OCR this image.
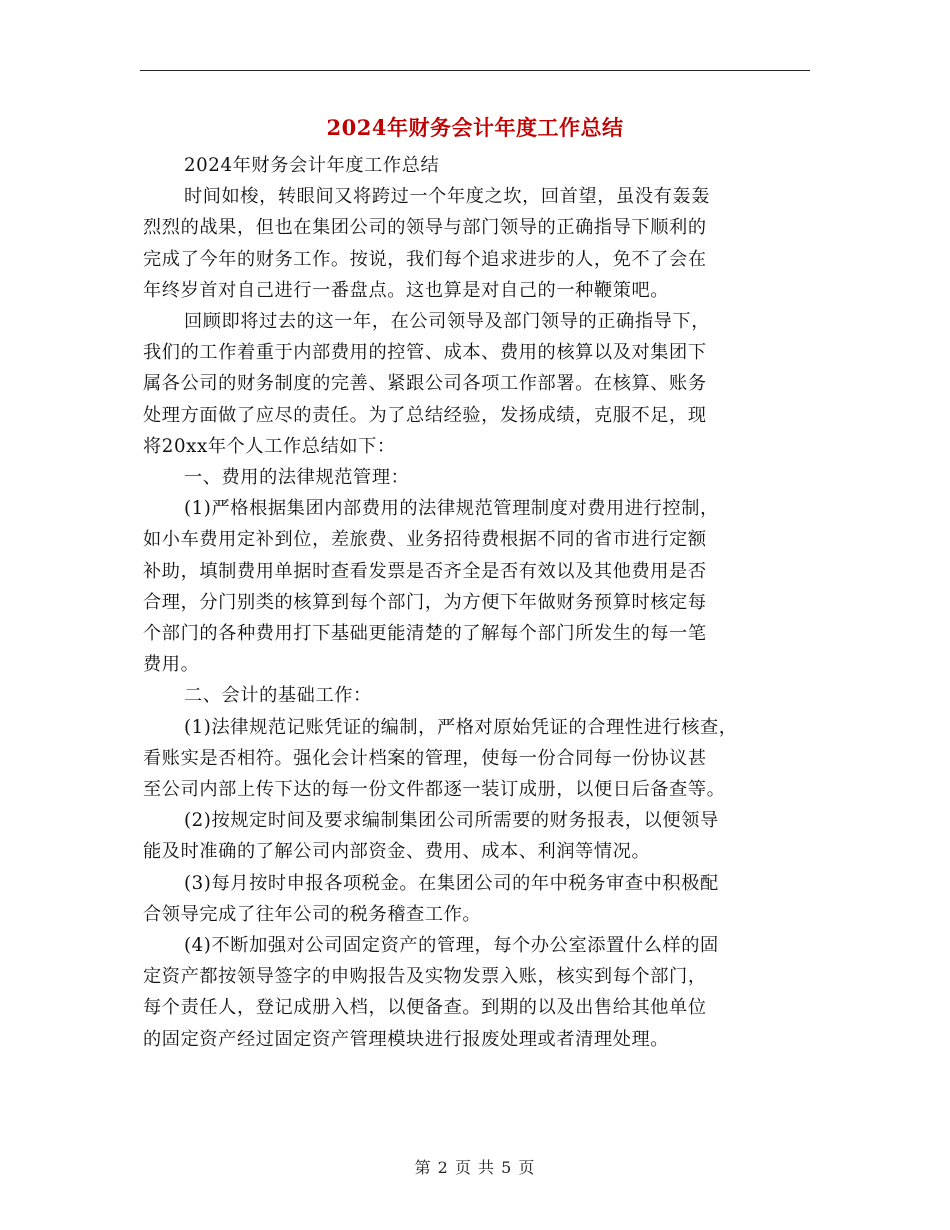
2024年财务会计年度工作总结

2024年财务会计年度工作总结

时间如梭，转眼间又将跨过一个年度之坎，回首望，虽没有轰轰
烈烈的战果，但也在集团公司的领导与部门领导的正确指导下顺利的
完成了今年的财务工作。按说，我们每个追求进步的人，免不了会在
年终岁首对自己进行一番盘点。这也算是对自己的一种鞭策吧。

回顾即将过去的这一年，在公司领导及部门领导的正确指导下，
我们的工作着重于内部费用的控管、成本、费用的核算以及对集团下
属各公司的财务制度的完善、紧跟公司各项工作部署。在核算、账务
处理方面做了应尽的责任。为了总结经验，发扬成绩，克服不足，现
将20xx年个人工作总结如下：

一、费用的法律规范管理：

(1)严格根据集团内部费用的法律规范管理制度对费用进行控制，
如小车费用定补到位，差旅费、业务招待费根据不同的省市进行定额
补助，填制费用单据时查看发票是否齐全是否有效以及其他费用是否
合理，分门别类的核算到每个部门，为方便下年做财务预算时核定每
个部门的各种费用打下基础更能清楚的了解每个部门所发生的每一笔
费用。

二、会计的基础工作：

(1)法律规范记账凭证的编制，严格对原始凭证的合理性进行核查，
看账实是否相符。强化会计档案的管理，使每一份合同每一份协议甚
至公司内部上传下达的每一份文件都逐一装订成册，以便日后备查等。

(2)按规定时间及要求编制集团公司所需要的财务报表，以便领导
能及时准确的了解公司内部资金、费用、成本、利润等情况。

(3)每月按时申报各项税金。在集团公司的年中税务审查中积极配
合领导完成了往年公司的税务稽查工作。

(4)不断加强对公司固定资产的管理，每个办公室添置什么样的固
定资产都按领导签字的申购报告及实物发票入账，核实到每个部门，
每个责任人，登记成册入档，以便备查。到期的以及出售给其他单位
的固定资产经过固定资产管理模块进行报废处理或者清理处理。

第 2 页 共 5 页
